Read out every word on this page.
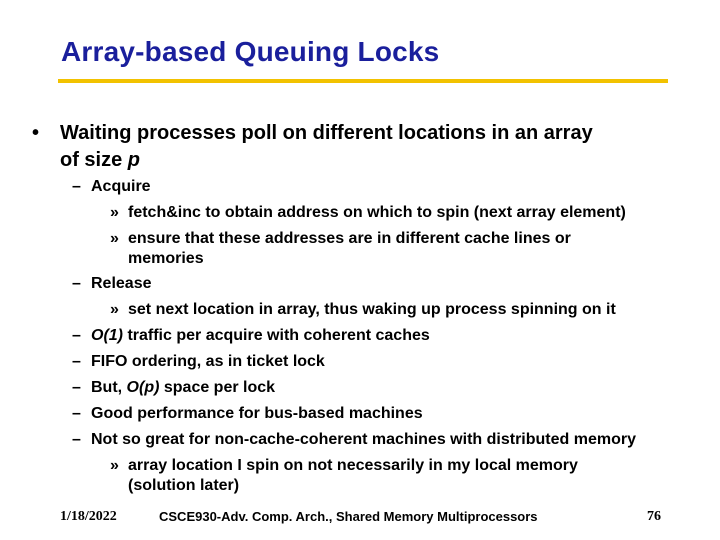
Array-based Queuing Locks
• Waiting processes poll on different locations in an array
of size p
– Acquire
» fetch&inc to obtain address on which to spin (next array element)
» ensure that these addresses are in different cache lines or
memories
– Release
» set next location in array, thus waking up process spinning on it
– O(1) traffic per acquire with coherent caches
– FIFO ordering, as in ticket lock
– But, O(p) space per lock
– Good performance for bus-based machines
– Not so great for non-cache-coherent machines with distributed memory
» array location I spin on not necessarily in my local memory
(solution later)
1/18/2022	CSCE930-Adv. Comp. Arch., Shared Memory Multiprocessors	76
